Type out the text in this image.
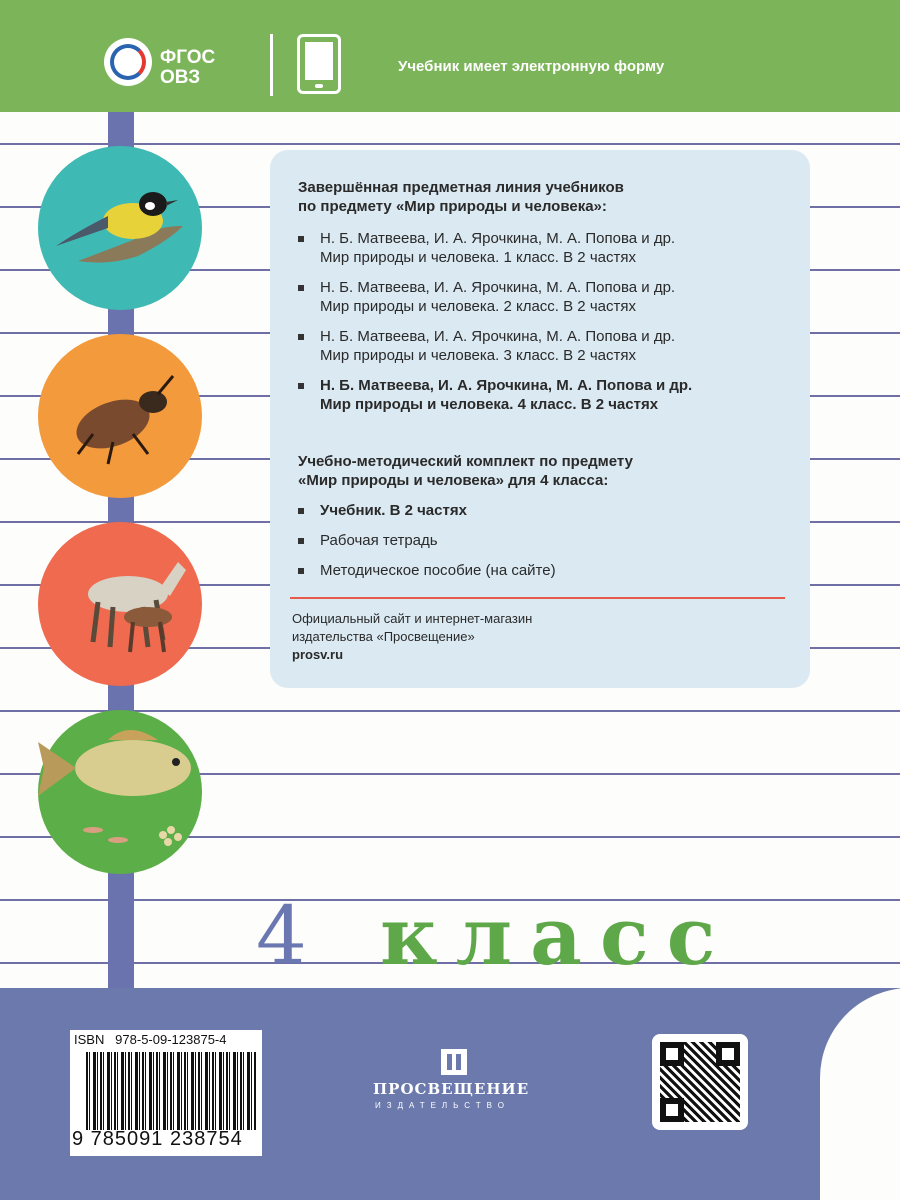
ФГОС
ОВЗ
Учебник имеет электронную форму
Завершённая предметная линия учебников
по предмету «Мир природы и человека»:
Н. Б. Матвеева, И. А. Ярочкина, М. А. Попова и др.
Мир природы и человека. 1 класс. В 2 частях
Н. Б. Матвеева, И. А. Ярочкина, М. А. Попова и др.
Мир природы и человека. 2 класс. В 2 частях
Н. Б. Матвеева, И. А. Ярочкина, М. А. Попова и др.
Мир природы и человека. 3 класс. В 2 частях
Н. Б. Матвеева, И. А. Ярочкина, М. А. Попова и др.
Мир природы и человека. 4 класс. В 2 частях
Учебно-методический комплект по предмету
«Мир природы и человека» для 4 класса:
Учебник. В 2 частях
Рабочая тетрадь
Методическое пособие (на сайте)
Официальный сайт и интернет-магазин
издательства «Просвещение»
prosv.ru
4 класс
ISBN   978-5-09-123875-4
9 785091 238754
ПРОСВЕЩЕНИЕ
ИЗДАТЕЛЬСТВО
